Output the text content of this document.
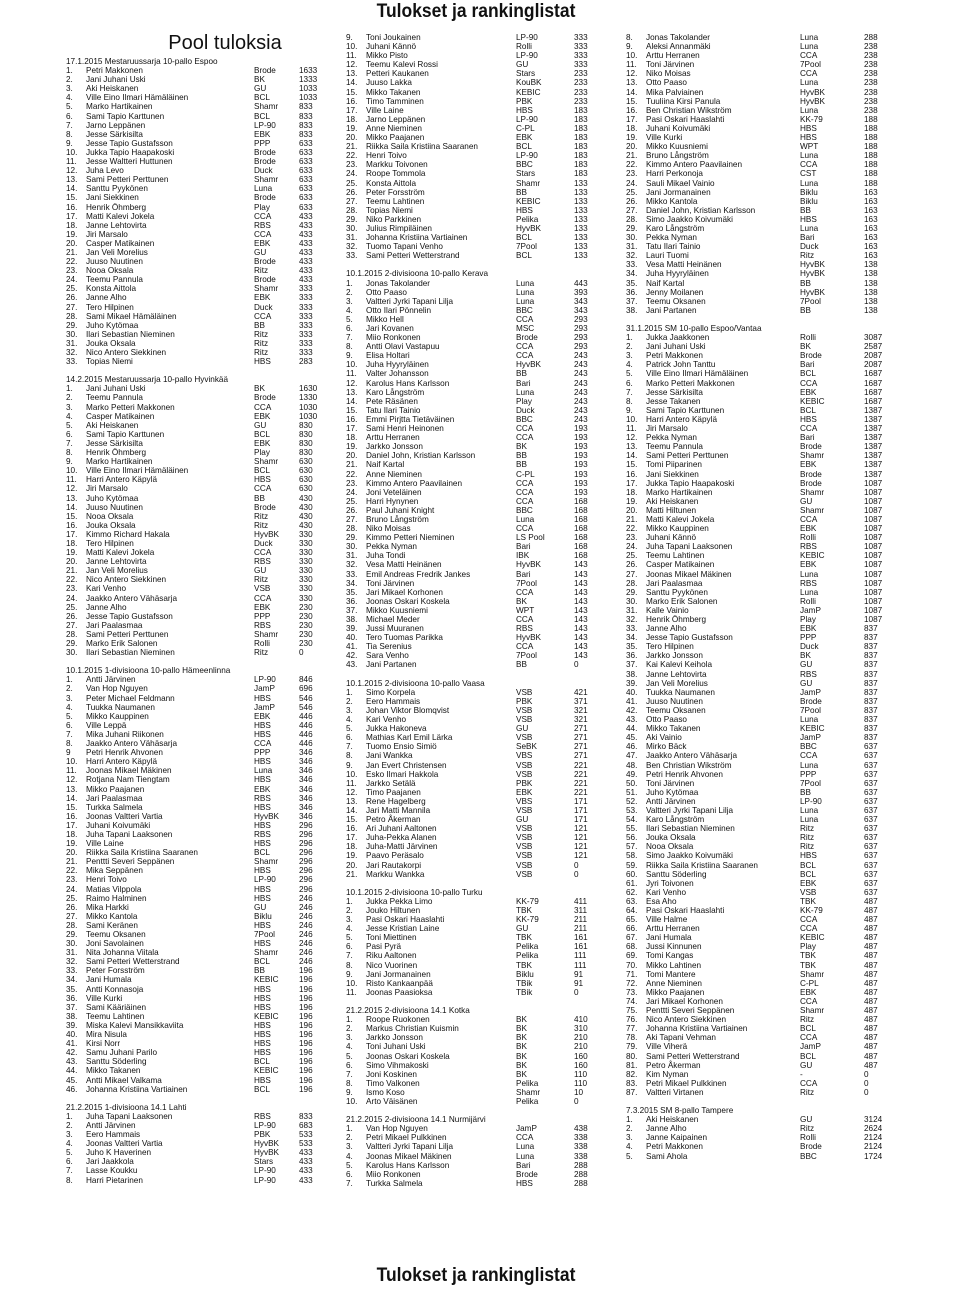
Tulokset ja rankinglistat
Pool tuloksia
17.1.2015 Mestaruussarja 10-pallo Espoo
1. Petri Makkonen	Brode	1633
2. Jani Juhani Uski	BK	1333
3. Aki Heiskanen	GU	1033
4. Ville Eino Ilmari Hämäläinen	BCL	1033
5. Marko Hartikainen	Shamr	833
6. Sami Tapio Karttunen	BCL	833
7. Jarno Leppänen	LP-90	833
8. Jesse Särkisilta	EBK	833
9. Jesse Tapio Gustafsson	PPP	633
10. Jukka Tapio Haapakoski	Brode	633
11. Jesse Waltteri Huttunen	Brode	633
12. Juha Levo	Duck	633
13. Sami Petteri Perttunen	Shamr	633
14. Santtu Pyykönen	Luna	633
15. Jani Siekkinen	Brode	633
16. Henrik Öhmberg	Play	633
17. Matti Kalevi Jokela	CCA	433
18. Janne Lehtovirta	RBS	433
19. Jiri Marsalo	CCA	433
20. Casper Matikainen	EBK	433
21. Jan Veli Morelius	GU	433
22. Juuso Nuutinen	Brode	433
23. Nooa Oksala	Ritz	433
24. Teemu Pannula	Brode	433
25. Konsta Aittola	Shamr	333
26. Janne Alho	EBK	333
27. Tero Hilpinen	Duck	333
28. Sami Mikael Hämäläinen	CCA	333
29. Juho Kytömaa	BB	333
30. Ilari Sebastian Nieminen	Ritz	333
31. Jouka Oksala	Ritz	333
32. Nico Antero Siekkinen	Ritz	333
33. Topias Niemi	HBS	283
14.2.2015 Mestaruussarja 10-pallo Hyvinkää
1. Jani Juhani Uski	BK	1630
2. Teemu Pannula	Brode	1330
3. Marko Petteri Makkonen	CCA	1030
4. Casper Matikainen	EBK	1030
5. Aki Heiskanen	GU	830
6. Sami Tapio Karttunen	BCL	830
7. Jesse Särkisilta	EBK	830
8. Henrik Öhmberg	Play	830
9. Marko Hartikainen	Shamr	630
10. Ville Eino Ilmari Hämäläinen	BCL	630
11. Harri Antero Käpylä	HBS	630
12. Jiri Marsalo	CCA	630
13. Juho Kytömaa	BB	430
14. Juuso Nuutinen	Brode	430
15. Nooa Oksala	Ritz	430
16. Jouka Oksala	Ritz	430
17. Kimmo Richard Hakala	HyvBK 330
18. Tero Hilpinen	Duck	330
19. Matti Kalevi Jokela	CCA	330
20. Janne Lehtovirta	RBS	330
21. Jan Veli Morelius	GU	330
22. Nico Antero Siekkinen	Ritz	330
23. Kari Venho	VSB	330
24. Jaakko Antero Vähäsarja	CCA	330
25. Janne Alho	EBK	230
26. Jesse Tapio Gustafsson	PPP	230
27. Jari Paalasmaa	RBS	230
28. Sami Petteri Perttunen	Shamr	230
29. Marko Erik Salonen	Rolli	230
30. Ilari Sebastian Nieminen	Ritz	0
10.1.2015 1-divisioona 10-pallo Hämeenlinna
1. Antti Järvinen	LP-90	846
2. Van Hop Nguyen	JamP	696
3. Peter Michael Feldmann	HBS	546
4. Tuukka Naumanen	JamP	546
5. Mikko Kauppinen	EBK	446
6. Ville Leppä	HBS	446
7. Mika Juhani Riikonen	HBS	446
8. Jaakko Antero Vähäsarja	CCA	446
9 Petri Henrik Ahvonen	PPP	346
10. Harri Antero Käpylä	HBS	346
11. Joonas Mikael Mäkinen	Luna	346
12. Rotjana Nam Tiengtam	HBS	346
13. Mikko Paajanen	EBK	346
14. Jari Paalasmaa	RBS	346
15. Turkka Salmela	HBS	346
16. Joonas Valtteri Vartia	HyvBK 346
17. Juhani Koivumäki	HBS	296
18. Juha Tapani Laaksonen	RBS	296
19. Ville Laine	HBS	296
20. Riikka Saila Kristiina Saaranen	BCL	296
21. Penttti Severi Seppänen	Shamr	296
22. Mika Seppänen	HBS	296
23. Henri Toivo	LP-90	296
24. Matias Vilppola	HBS	296
25. Raimo Halminen	HBS	246
26. Mika Harkki	GU	246
27. Mikko Kantola	Biklu	246
28. Sami Keränen	HBS	246
29. Teemu Oksanen	7Pool	246
30. Joni Savolainen	HBS	246
31. Nita Johanna Viitala	Shamr	246
32. Sami Petteri Wetterstrand	BCL	246
33. Peter Forsström	BB	196
34. Jani Humala	KEBIC 196
35. Antti Konnasoja	HBS	196
36. Ville Kurki	HBS	196
37. Sami Kääriäinen	HBS	196
38. Teemu Lahtinen	KEBIC 196
39. Miska Kalevi Mansikkaviita	HBS	196
40. Mira Nisula	HBS	196
41. Kirsi Norr	HBS	196
42. Samu Juhani Parilo	HBS	196
43. Santtu Söderling	BCL	196
44. Mikko Takanen	KEBIC 196
45. Antti Mikael Valkama	HBS	196
46. Johanna Kristiina Vartiainen	BCL	196
21.2.2015 1-divisioona 14.1 Lahti
1. Juha Tapani Laaksonen	RBS	833
2. Antti Järvinen	LP-90	683
3. Eero Hammais	PBK	533
4. Joonas Valtteri Vartia	HyvBK 533
5. Juho K Haverinen	HyvBK 433
6. Jari Jaakkola	Stars	433
7. Lasse Koukku	LP-90	433
8. Harri Pietarinen	LP-90	433
9. Toni Joukainen	LP-90	333
10. Juhani Kännö	Rolli	333
11. Mikko Pisto	LP-90	333
12. Teemu Kalevi Rossi	GU	333
13. Petteri Kaukanen	Stars	233
14. Juuso Lakka	KouBK	233
15. Mikko Takanen	KEBIC	233
16. Timo Tamminen	PBK	233
17. Ville Laine	HBS	183
18. Jarno Leppänen	LP-90	183
19. Anne Nieminen	C-PL	183
20. Mikko Paajanen	EBK	183
21. Riikka Saila Kristiina Saaranen	BCL	183
22. Henri Toivo	LP-90	183
23. Markku Toivonen	BBC	183
24. Roope Tommola	Stars	183
25. Konsta Aittola	Shamr	133
26. Peter Forsström	BB	133
27. Teemu Lahtinen	KEBIC	133
28. Topias Niemi	HBS	133
29. Niko Parkkinen	Pelika	133
30. Julius Rimpiläinen	HyvBK	133
31. Johanna Kristiina Vartiainen	BCL	133
32. Tuomo Tapani Venho	7Pool	133
33. Sami Petteri Wetterstrand	BCL	133
10.1.2015 2-divisioona 10-pallo Kerava
1. Jonas Takolander	Luna	443
2. Otto Paaso	Luna	393
3. Valtteri Jyrki Tapani Lilja	Luna	343
4. Otto Ilari Pönnelin	BBC	343
5. Mikko Hell	CCA	293
6. Jari Kovanen	MSC	293
7. Miio Ronkonen	Brode	293
8. Antti Olavi Vastapuu	CCA	293
9. Elisa Holtari	CCA	243
10. Juha Hyyryläinen	HyvBK	243
11. Valter Johansson	BB	243
12. Karolus Hans Karlsson	Bari	243
13. Karo Långström	Luna	243
14. Pete Räsänen	Play	243
15. Tatu Ilari Tainio	Duck	243
16. Emmi Pirjtta Tietäväinen	BBC	243
17. Sami Henri Heinonen	CCA	193
18. Arttu Herranen	CCA	193
19. Jarkko Jonsson	BK	193
20. Daniel John, Kristian Karlsson	BB	193
21. Naif Kartal	BB	193
22. Anne Nieminen	C-PL	193
23. Kimmo Antero Paavilainen	CCA	193
24. Joni Veteläinen	CCA	193
25. Harri Hynynen	CCA	168
26. Paul Juhani Knight	BBC	168
27. Bruno Långström	Luna	168
28. Niko Moisas	CCA	168
29. Kimmo Petteri Nieminen	LS Pool	168
30. Pekka Nyman	Bari	168
31. Juha Tondi	IBK	168
32. Vesa Matti Heinänen	HyvBK	143
33. Emil Andreas Fredrik Jankes	Bari	143
34. Toni Järvinen	7Pool	143
35. Jari Mikael Korhonen	CCA	143
36. Joonas Oskari Koskela	BK	143
37. Mikko Kuusniemi	WPT	143
38. Michael Meder	CCA	143
39. Jussi Muuranen	RBS	143
40. Tero Tuomas Parikka	HyvBK	143
41. Tia Serenius	CCA	143
42. Sara Venho	7Pool	143
43. Jani Partanen	BB	0
10.1.2015 2-divisioona 10-pallo Vaasa
1. Simo Korpela	VSB	421
2. Eero Hammais	PBK	371
3. Johan Viktor Blomqvist	VSB	321
4. Kari Venho	VSB	321
5. Jukka Hakoneva	GU	271
6. Mathias Karl Emil Lärka	VSB	271
7. Tuomo Ensio Simiö	SeBK	271
8. Jani Wankka	VBS	271
9. Jan Evert Christensen	VSB	221
10. Esko Ilmari Hakkola	VSB	221
11. Jarkko Setälä	PBK	221
12. Timo Paajanen	EBK	221
13. Rene Hagelberg	VBS	171
14. Jari Matti Mannila	VSB	171
15. Petro Åkerman	GU	171
16. Ari Juhani Aaltonen	VSB	121
17. Juha-Pekka Alanen	VSB	121
18. Juha-Matti Järvinen	VSB	121
19. Paavo Peräsalo	VSB	121
20. Jari Rautakorpi	VSB	0
21. Markku Wankka	VSB	0
10.1.2015 2-divisioona 10-pallo Turku
1. Jukka Pekka Limo	KK-79	411
2. Jouko Hiltunen	TBK	311
3. Pasi Oskari Haaslahti	KK-79	211
4. Jesse Kristian Laine	GU	211
5. Toni Miettinen	TBK	161
6. Pasi Pyrä	Pelika	161
7. Riku Aaltonen	Pelika	111
8. Nico Vuorinen	TBK	111
9. Jani Jormanainen	Biklu	91
10. Risto Kankaanpää	TBik	91
11. Joonas Paasioksa	TBik	0
21.2.2015 2-divisioona 14.1 Kotka
1. Roope Ruokonen	BK	410
2. Markus Christian Kuismin	BK	310
3. Jarkko Jonsson	BK	210
4. Toni Juhani Uski	BK	210
5. Joonas Oskari Koskela	BK	160
6. Simo Vihmakoski	BK	160
7. Joni Koskinen	BK	110
8. Timo Valkonen	Pelika	110
9. Ismo Koso	Shamr	10
10. Arto Väisänen	Pelika	0
21.2.2015 2-divisioona 14.1 Nurmijärvi
1. Van Hop Nguyen	JamP	438
2. Petri Mikael Pulkkinen	CCA	338
3. Valtteri Jyrki Tapani Lilja	Luna	338
4. Joonas Mikael Mäkinen	Luna	338
5. Karolus Hans Karlsson	Bari	288
6. Miio Ronkonen	Brode	288
7. Turkka Salmela	HBS	288
8. Jonas Takolander	Luna	288
9. Aleksi Annanmäki	Luna	238
10. Arttu Herranen	CCA	238
11. Toni Järvinen	7Pool	238
12. Niko Moisas	CCA	238
13. Otto Paaso	Luna	238
14. Mika Palviainen	HyvBK	238
15. Tuuliina Kirsi Panula	HyvBK	238
16. Ben Christian Wikström	Luna	238
17. Pasi Oskari Haaslahti	KK-79	188
18. Juhani Koivumäki	HBS	188
19. Ville Kurki	HBS	188
20. Mikko Kuusniemi	WPT	188
21. Bruno Långström	Luna	188
22. Kimmo Antero Paavilainen	CCA	188
23. Harri Perkonoja	CST	188
24. Sauli Mikael Vainio	Luna	188
25. Jani Jormanainen	Biklu	163
26. Mikko Kantola	Biklu	163
27. Daniel John, Kristian Karlsson	BB	163
28. Simo Jaakko Koivumäki	HBS	163
29. Karo Långström	Luna	163
30. Pekka Nyman	Bari	163
31. Tatu Ilari Tainio	Duck	163
32. Lauri Tuomi	Ritz	163
33. Vesa Matti Heinänen	HyvBK	138
34. Juha Hyyryläinen	HyvBK	138
35. Naif Kartal	BB	138
36. Jenny Moilanen	HyvBK	138
37. Teemu Oksanen	7Pool	138
38. Jani Partanen	BB	138
31.1.2015 SM 10-pallo Espoo/Vantaa
1. Jukka Jaakkonen	Rolli	3087
2. Jani Juhani Uski	BK	2587
3. Petri Makkonen	Brode	2087
4. Patrick John Tanttu	Bari	2087
5. Ville Eino Ilmari Hämäläinen	BCL	1687
6. Marko Petteri Makkonen	CCA	1687
7. Jesse Särkisilta	EBK	1687
8. Jesse Takanen	KEBIC	1687
9. Sami Tapio Karttunen	BCL	1387
10. Harri Antero Käpylä	HBS	1387
11. Jiri Marsalo	CCA	1387
12. Pekka Nyman	Bari	1387
13. Teemu Pannula	Brode	1387
14. Sami Petteri Perttunen	Shamr	1387
15. Tomi Piiparinen	EBK	1387
16. Jani Siekkinen	Brode	1387
17. Jukka Tapio Haapakoski	Brode	1087
18. Marko Hartikainen	Shamr	1087
19. Aki Heiskanen	GU	1087
20. Matti Hiltunen	Shamr	1087
21. Matti Kalevi Jokela	CCA	1087
22. Mikko Kauppinen	EBK	1087
23. Juhani Kännö	Rolli	1087
24. Juha Tapani Laaksonen	RBS	1087
25. Teemu Lahtinen	KEBIC	1087
26. Casper Matikainen	EBK	1087
27. Joonas Mikael Mäkinen	Luna	1087
28. Jari Paalasmaa	RBS	1087
29. Santtu Pyykönen	Luna	1087
30. Marko Erik Salonen	Rolli	1087
31. Kalle Vainio	JamP	1087
32. Henrik Öhmberg	Play	1087
33. Janne Alho	EBK	837
34. Jesse Tapio Gustafsson	PPP	837
35. Tero Hilpinen	Duck	837
36. Jarkko Jonsson	BK	837
37. Kai Kalevi Keiholа	GU	837
38. Janne Lehtovirta	RBS	837
39. Jan Veli Morelius	GU	837
40. Tuukka Naumanen	JamP	837
41. Juuso Nuutinen	Brode	837
42. Teemu Oksanen	7Pool	837
43. Otto Paaso	Luna	837
44. Mikko Takanen	KEBIC	837
45. Aki Vainio	JamP	837
46. Mirko Bäck	BBC	637
47. Jaakko Antero Vähäsarja	CCA	637
48. Ben Christian Wikström	Luna	637
49. Petri Henrik Ahvonen	PPP	637
50. Toni Järvinen	7Pool	637
51. Juho Kytömaa	BB	637
52. Antti Järvinen	LP-90	637
53. Valtteri Jyrki Tapani Lilja	Luna	637
54. Karo Långström	Luna	637
55. Ilari Sebastian Nieminen	Ritz	637
56. Jouka Oksala	Ritz	637
57. Nooa Oksala	Ritz	637
58. Simo Jaakko Koivumäki	HBS	637
59. Riikka Saila Kristiina Saaranen	BCL	637
60. Santtu Söderling	BCL	637
61. Jyri Toivonen	EBK	637
62. Kari Venho	VSB	637
63. Esa Aho	TBK	487
64. Pasi Oskari Haaslahti	KK-79	487
65. Ville Halme	CCA	487
66. Arttu Herranen	CCA	487
67. Jani Humala	KEBIC	487
68. Jussi Kinnunen	Play	487
69. Tomi Kangas	TBK	487
70. Mikko Lahtinen	TBK	487
71. Tomi Mantere	Shamr	487
72. Anne Nieminen	C-PL	487
73. Mikko Paajanen	EBK	487
74. Jari Mikael Korhonen	CCA	487
75. Penttti Severi Seppänen	Shamr	487
76. Nico Antero Siekkinen	Ritz	487
77. Johanna Kristiina Vartiainen	BCL	487
78. Aki Tapani Vehman	CCA	487
79. Ville Viherä	JamP	487
80. Sami Petteri Wetterstrand	BCL	487
81. Petro Åkerman	GU	487
82. Kim Nyman	-	0
83. Petri Mikael Pulkkinen	CCA	0
87. Valtteri Virtanen	Ritz	0
7.3.2015 SM 8-pallo Tampere
1. Aki Heiskanen	GU	3124
2. Janne Alho	Ritz	2624
3. Janne Kaipainen	Rolli	2124
4. Petri Makkonen	Brode	2124
5. Sami Ahola	BBC	1724
Tulokset ja rankinglistat
